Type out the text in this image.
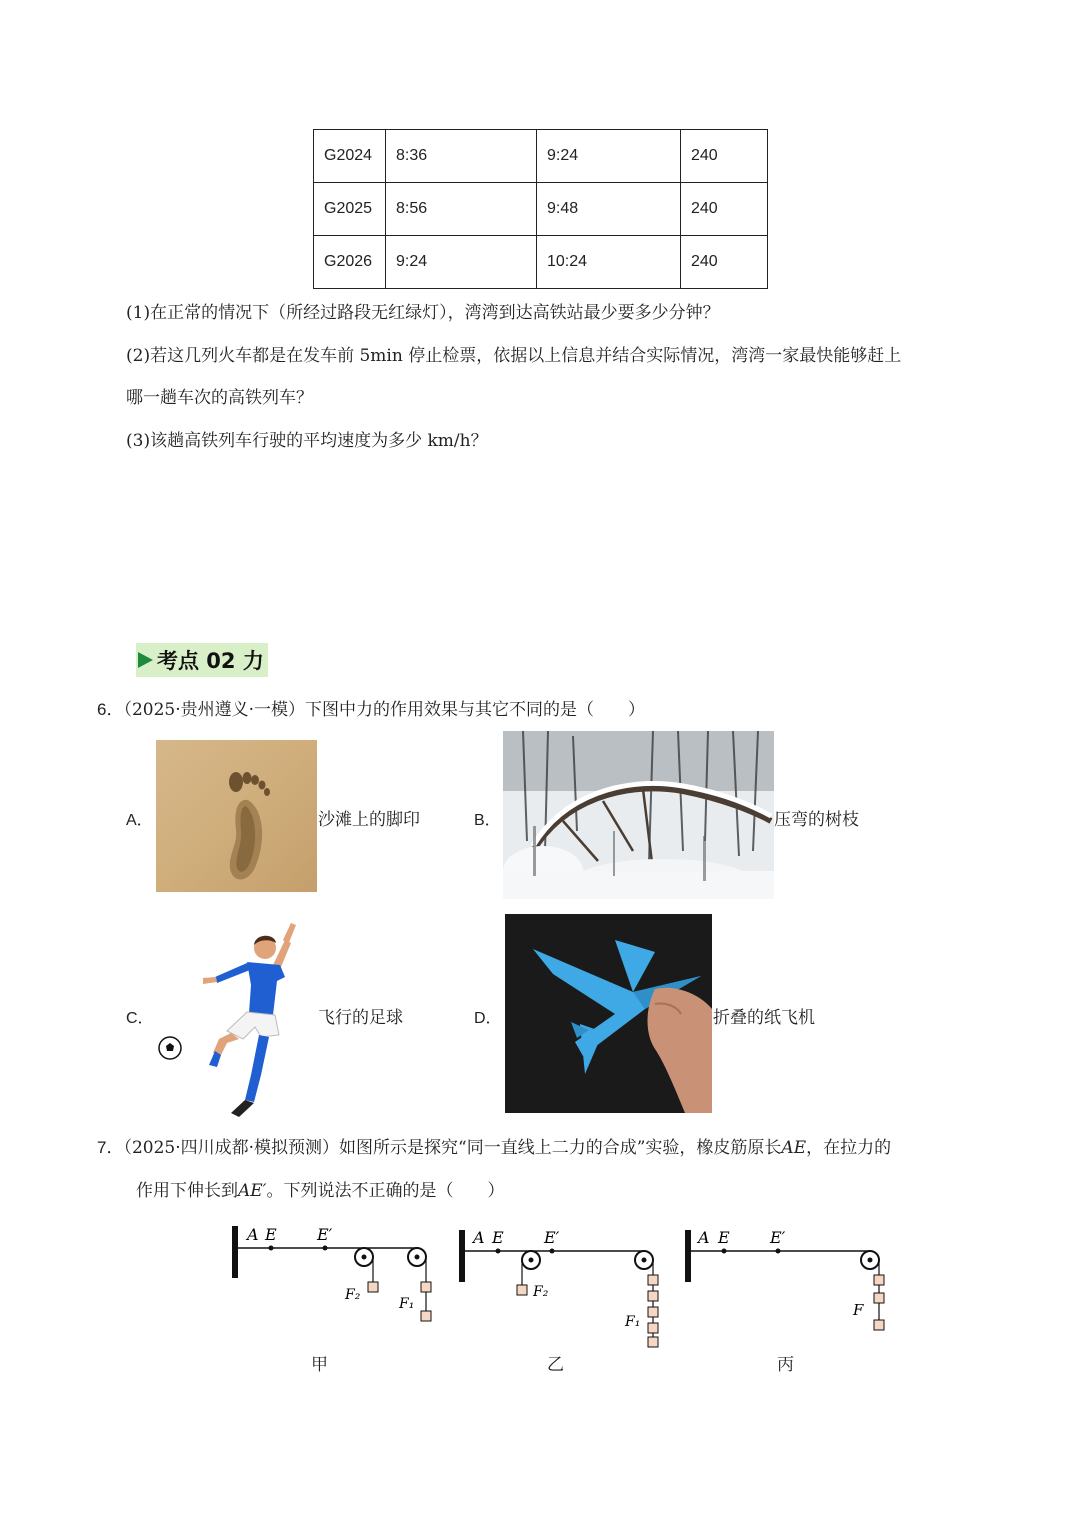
G2024	8:36	9:24	240
G2025	8:56	9:48	240
G2026	9:24	10:24	240
(1)在正常的情况下（所经过路段无红绿灯），湾湾到达高铁站最少要多少分钟？
(2)若这几列火车都是在发车前 5min 停止检票，依据以上信息并结合实际情况，湾湾一家最快能够赶上
哪一趟车次的高铁列车？
(3)该趟高铁列车行驶的平均速度为多少 km/h？
考点 02 力
6．（2025·贵州遵义·一模）下图中力的作用效果与其它不同的是（　　）
A．	沙滩上的脚印	B．	压弯的树枝
C．	飞行的足球	D．	折叠的纸飞机
7．（2025·四川成都·模拟预测）如图所示是探究“同一直线上二力的合成”实验，橡皮筋原长AE，在拉力的
作用下伸长到AE′。下列说法不正确的是（　　）
A E	E′
F₂
F₁
甲
A E	E′
F₂
F₁
乙
A E	E′
F
丙
